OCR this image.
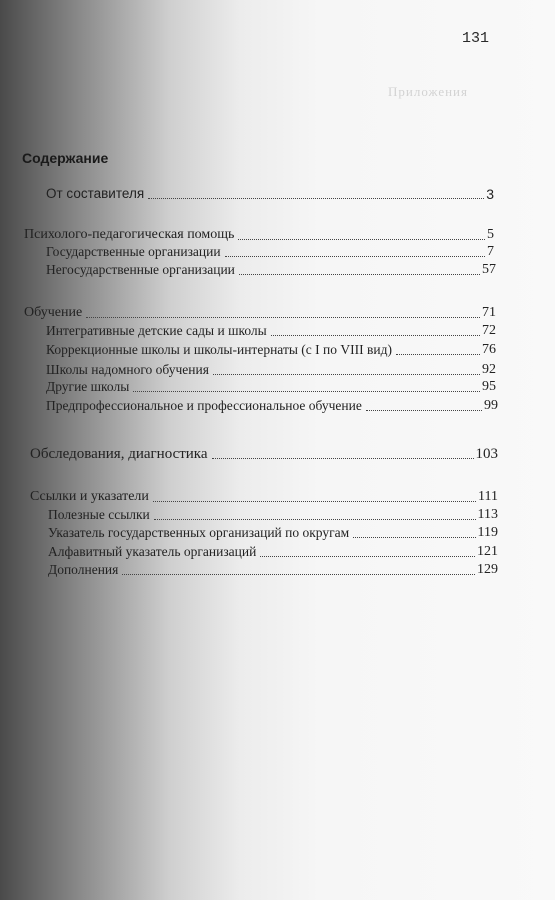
131
Приложения
Содержание
От составителя	3
Психолого-педагогическая помощь	5
Государственные организации	7
Негосударственные организации	57
Обучение	71
Интегративные детские сады и школы	72
Коррекционные школы и школы-интернаты (с I по VIII вид)	76
Школы надомного обучения	92
Другие школы	95
Предпрофессиональное и профессиональное обучение	99
Обследования, диагностика	103
Ссылки и указатели	111
Полезные ссылки	113
Указатель государственных организаций по округам	119
Алфавитный указатель организаций	121
Дополнения	129
